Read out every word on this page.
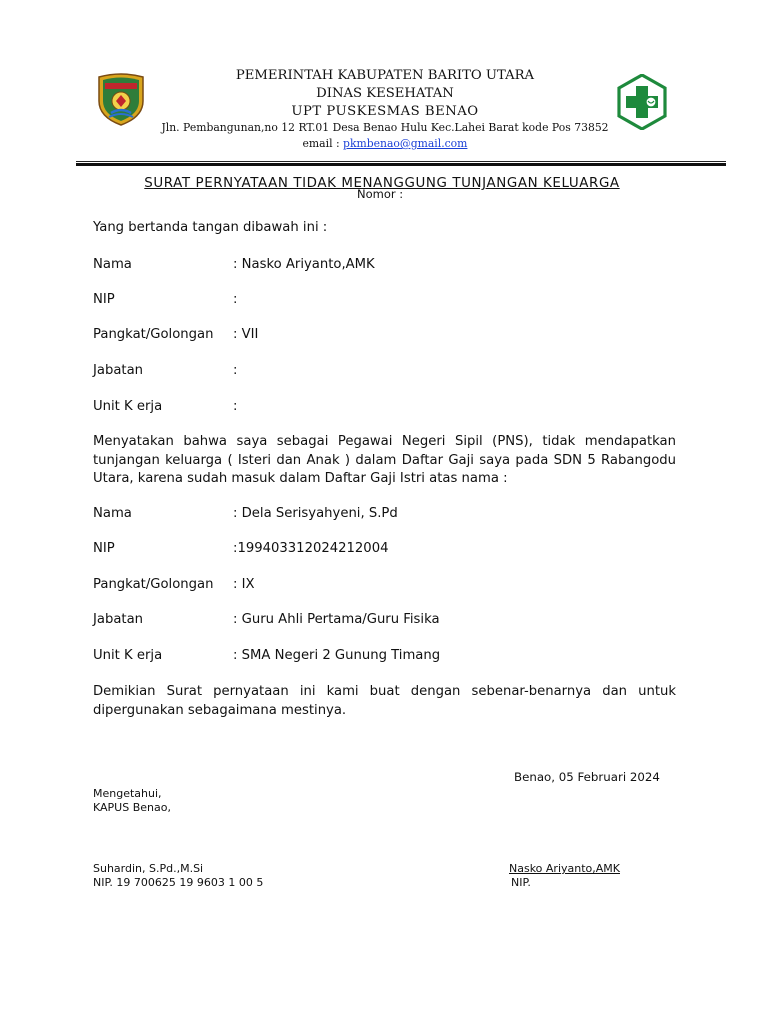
PEMERINTAH KABUPATEN BARITO UTARA
DINAS KESEHATAN
UPT PUSKESMAS BENAO
Jln. Pembangunan,no 12 RT.01 Desa Benao Hulu Kec.Lahei Barat kode Pos 73852
email : pkmbenao@gmail.com
SURAT PERNYATAAN TIDAK MENANGGUNG TUNJANGAN KELUARGA
Nomor :
Yang bertanda tangan dibawah ini :
Nama	: Nasko Ariyanto,AMK
NIP	:
Pangkat/Golongan : VII
Jabatan	:
Unit K erja	:
Menyatakan bahwa saya sebagai Pegawai Negeri Sipil (PNS), tidak mendapatkan tunjangan keluarga ( Isteri dan Anak ) dalam Daftar Gaji saya pada SDN 5 Rabangodu Utara, karena sudah masuk dalam Daftar Gaji Istri atas nama :
Nama	: Dela Serisyahyeni, S.Pd
NIP	:199403312024212004
Pangkat/Golongan : IX
Jabatan	: Guru Ahli Pertama/Guru Fisika
Unit K erja	: SMA Negeri 2 Gunung Timang
Demikian Surat pernyataan ini kami buat dengan sebenar-benarnya dan untuk dipergunakan sebagaimana mestinya.
Benao, 05 Februari 2024
Mengetahui,
KAPUS Benao,
Suhardin, S.Pd.,M.Si
NIP. 19 700625 19 9603 1 00 5
Nasko Ariyanto,AMK
NIP.
